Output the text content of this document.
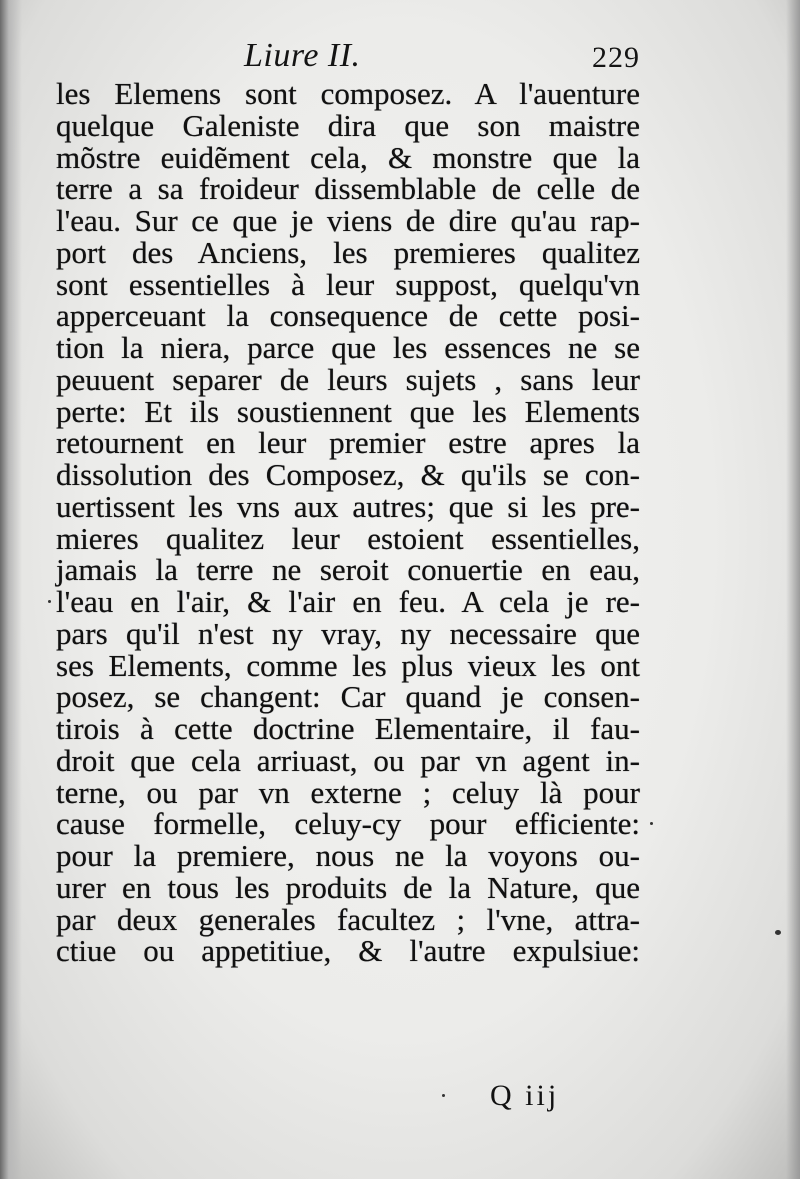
Liure II.	229
les Elemens sont composez. A l'auenture
quelque Galeniste dira que son maistre
mõstre euidẽment cela, & monstre que la
terre a sa froideur dissemblable de celle de
l'eau. Sur ce que je viens de dire qu'au rap-
port des Anciens, les premieres qualitez
sont essentielles à leur suppost, quelqu'vn
apperceuant la consequence de cette posi-
tion la niera, parce que les essences ne se
peuuent separer de leurs sujets , sans leur
perte: Et ils soustiennent que les Elements
retournent en leur premier estre apres la
dissolution des Composez, & qu'ils se con-
uertissent les vns aux autres; que si les pre-
mieres qualitez leur estoient essentielles,
jamais la terre ne seroit conuertie en eau,
l'eau en l'air, & l'air en feu. A cela je re-
pars qu'il n'est ny vray, ny necessaire que
ses Elements, comme les plus vieux les ont
posez, se changent: Car quand je consen-
tirois à cette doctrine Elementaire, il fau-
droit que cela arriuast, ou par vn agent in-
terne, ou par vn externe ; celuy là pour
cause formelle, celuy-cy pour efficiente:
pour la premiere, nous ne la voyons ou-
urer en tous les produits de la Nature, que
par deux generales facultez ; l'vne, attra-
ctiue ou appetitiue, & l'autre expulsiue:
Q iij
